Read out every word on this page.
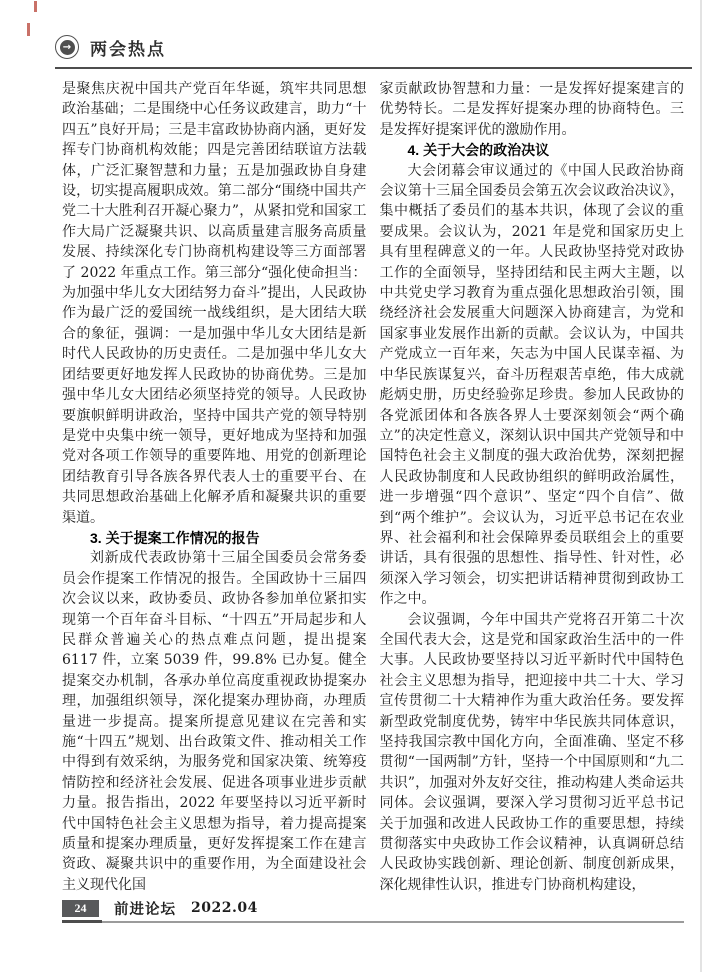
→ 两会热点

是聚焦庆祝中国共产党百年华诞，筑牢共同思想政治基础；二是围绕中心任务议政建言，助力“十四五”良好开局；三是丰富政协协商内涵，更好发挥专门协商机构效能；四是完善团结联谊方法载体，广泛汇聚智慧和力量；五是加强政协自身建设，切实提高履职成效。第二部分“围绕中国共产党二十大胜利召开凝心聚力”，从紧扣党和国家工作大局广泛凝聚共识、以高质量建言服务高质量发展、持续深化专门协商机构建设等三方面部署了 2022 年重点工作。第三部分“强化使命担当：为加强中华儿女大团结努力奋斗”提出，人民政协作为最广泛的爱国统一战线组织，是大团结大联合的象征，强调：一是加强中华儿女大团结是新时代人民政协的历史责任。二是加强中华儿女大团结要更好地发挥人民政协的协商优势。三是加强中华儿女大团结必须坚持党的领导。人民政协要旗帜鲜明讲政治，坚持中国共产党的领导特别是党中央集中统一领导，更好地成为坚持和加强党对各项工作领导的重要阵地、用党的创新理论团结教育引导各族各界代表人士的重要平台、在共同思想政治基础上化解矛盾和凝聚共识的重要渠道。

3. 关于提案工作情况的报告

刘新成代表政协第十三届全国委员会常务委员会作提案工作情况的报告。全国政协十三届四次会议以来，政协委员、政协各参加单位紧扣实现第一个百年奋斗目标、“十四五”开局起步和人民群众普遍关心的热点难点问题，提出提案 6117 件，立案 5039 件，99.8% 已办复。健全提案交办机制，各承办单位高度重视政协提案办理，加强组织领导，深化提案办理协商，办理质量进一步提高。提案所提意见建议在完善和实施“十四五”规划、出台政策文件、推动相关工作中得到有效采纳，为服务党和国家决策、统筹疫情防控和经济社会发展、促进各项事业进步贡献力量。报告指出，2022 年要坚持以习近平新时代中国特色社会主义思想为指导，着力提高提案质量和提案办理质量，更好发挥提案工作在建言资政、凝聚共识中的重要作用，为全面建设社会主义现代化国

家贡献政协智慧和力量：一是发挥好提案建言的优势特长。二是发挥好提案办理的协商特色。三是发挥好提案评优的激励作用。

4. 关于大会的政治决议

大会闭幕会审议通过的《中国人民政治协商会议第十三届全国委员会第五次会议政治决议》，集中概括了委员们的基本共识，体现了会议的重要成果。会议认为，2021 年是党和国家历史上具有里程碑意义的一年。人民政协坚持党对政协工作的全面领导，坚持团结和民主两大主题，以中共党史学习教育为重点强化思想政治引领，围绕经济社会发展重大问题深入协商建言，为党和国家事业发展作出新的贡献。会议认为，中国共产党成立一百年来，矢志为中国人民谋幸福、为中华民族谋复兴，奋斗历程艰苦卓绝，伟大成就彪炳史册，历史经验弥足珍贵。参加人民政协的各党派团体和各族各界人士要深刻领会“两个确立”的决定性意义，深刻认识中国共产党领导和中国特色社会主义制度的强大政治优势，深刻把握人民政协制度和人民政协组织的鲜明政治属性，进一步增强“四个意识”、坚定“四个自信”、做到“两个维护”。会议认为，习近平总书记在农业界、社会福利和社会保障界委员联组会上的重要讲话，具有很强的思想性、指导性、针对性，必须深入学习领会，切实把讲话精神贯彻到政协工作之中。

会议强调，今年中国共产党将召开第二十次全国代表大会，这是党和国家政治生活中的一件大事。人民政协要坚持以习近平新时代中国特色社会主义思想为指导，把迎接中共二十大、学习宣传贯彻二十大精神作为重大政治任务。要发挥新型政党制度优势，铸牢中华民族共同体意识，坚持我国宗教中国化方向，全面准确、坚定不移贯彻“一国两制”方针，坚持一个中国原则和“九二共识”，加强对外友好交往，推动构建人类命运共同体。会议强调，要深入学习贯彻习近平总书记关于加强和改进人民政协工作的重要思想，持续贯彻落实中央政协工作会议精神，认真调研总结人民政协实践创新、理论创新、制度创新成果，深化规律性认识，推进专门协商机构建设，

24	前进论坛 2022.04
